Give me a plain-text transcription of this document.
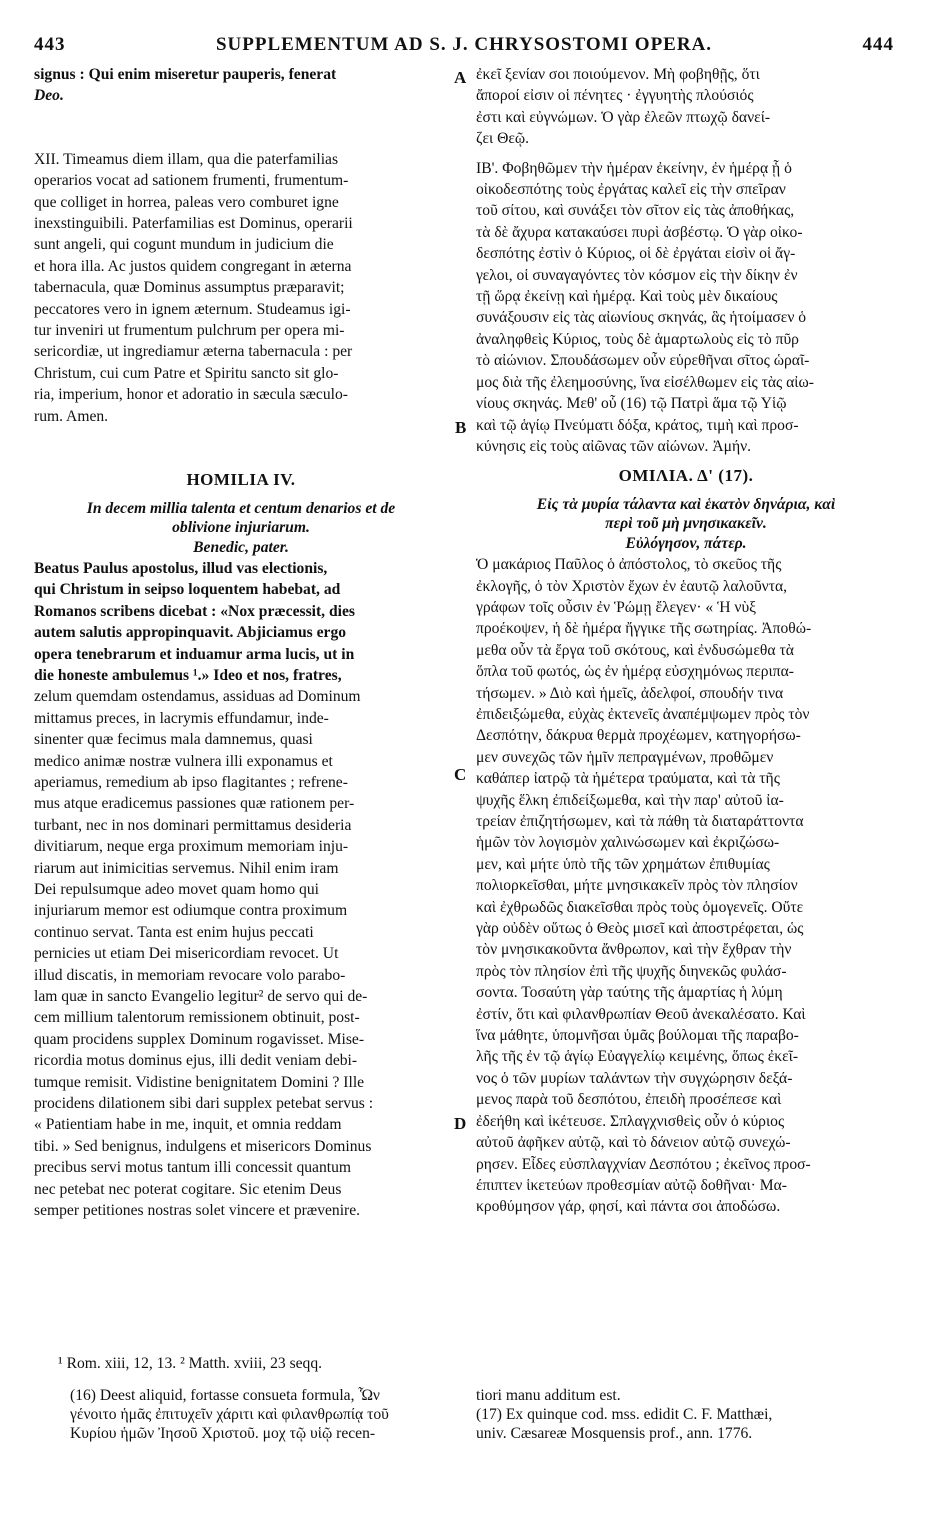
443	SUPPLEMENTUM AD S. J. CHRYSOSTOMI OPERA.	444

signus : Qui enim miseretur pauperis, fenerat

Deo.

XII. Timeamus diem illam, qua die paterfamilias

operarios vocat ad sationem frumenti, frumentum-

que colliget in horrea, paleas vero comburet igne

inexstinguibili. Paterfamilias est Dominus, operarii

sunt angeli, qui cogunt mundum in judicium die

et hora illa. Ac justos quidem congregant in æterna

tabernacula, quæ Dominus assumptus præparavit;

peccatores vero in ignem æternum. Studeamus igi-

tur inveniri ut frumentum pulchrum per opera mi-

sericordiæ, ut ingrediamur æterna tabernacula : per

Christum, cui cum Patre et Spiritu sancto sit glo-

ria, imperium, honor et adoratio in sæcula sæculo-

rum. Amen.

HOMILIA IV.

In decem millia talenta et centum denarios et de

oblivione injuriarum.

Benedic, pater.

Beatus Paulus apostolus, illud vas electionis,

qui Christum in seipso loquentem habebat, ad

Romanos scribens dicebat : «Nox præcessit, dies

autem salutis appropinquavit. Abjiciamus ergo

opera tenebrarum et induamur arma lucis, ut in

die honeste ambulemus ¹.» Ideo et nos, fratres,

zelum quemdam ostendamus, assiduas ad Dominum

mittamus preces, in lacrymis effundamur, inde-

sinenter quæ fecimus mala damnemus, quasi

medico animæ nostræ vulnera illi exponamus et

aperiamus, remedium ab ipso flagitantes ; refrene-

mus atque eradicemus passiones quæ rationem per-

turbant, nec in nos dominari permittamus desideria

divitiarum, neque erga proximum memoriam inju-

riarum aut inimicitias servemus. Nihil enim iram

Dei repulsumque adeo movet quam homo qui

injuriarum memor est odiumque contra proximum

continuo servat. Tanta est enim hujus peccati

pernicies ut etiam Dei misericordiam revocet. Ut

illud discatis, in memoriam revocare volo parabo-

lam quæ in sancto Evangelio legitur² de servo qui de-

cem millium talentorum remissionem obtinuit, post-

quam procidens supplex Dominum rogavisset. Mise-

ricordia motus dominus ejus, illi dedit veniam debi-

tumque remisit. Vidistine benignitatem Domini ? Ille

procidens dilationem sibi dari supplex petebat servus :

« Patientiam habe in me, inquit, et omnia reddam

tibi. » Sed benignus, indulgens et misericors Dominus

precibus servi motus tantum illi concessit quantum

nec petebat nec poterat cogitare. Sic etenim Deus

semper petitiones nostras solet vincere et prævenire.

A
B
C
D

ἐκεῖ ξενίαν σοι ποιούμενον. Μὴ φοβηθῇς, ὅτι

ἄποροί εἰσιν οἱ πένητες · ἐγγυητὴς πλούσιός

ἐστι καὶ εὐγνώμων. Ὁ γὰρ ἐλεῶν πτωχῷ δανεί-

ζει Θεῷ.

ΙΒ'. Φοβηθῶμεν τὴν ἡμέραν ἐκείνην, ἐν ἡμέρᾳ ᾗ ὁ

οἰκοδεσπότης τοὺς ἐργάτας καλεῖ εἰς τὴν σπεῖραν

τοῦ σίτου, καὶ συνάξει τὸν σῖτον εἰς τὰς ἀποθήκας,

τὰ δὲ ἄχυρα κατακαύσει πυρὶ ἀσβέστῳ. Ὁ γὰρ οἰκο-

δεσπότης ἐστὶν ὁ Κύριος, οἱ δὲ ἐργάται εἰσὶν οἱ ἄγ-

γελοι, οἱ συναγαγόντες τὸν κόσμον εἰς τὴν δίκην ἐν

τῇ ὥρᾳ ἐκείνῃ καὶ ἡμέρᾳ. Καὶ τοὺς μὲν δικαίους

συνάξουσιν εἰς τὰς αἰωνίους σκηνάς, ἃς ἡτοίμασεν ὁ

ἀναληφθεὶς Κύριος, τοὺς δὲ ἁμαρτωλοὺς εἰς τὸ πῦρ

τὸ αἰώνιον. Σπουδάσωμεν οὖν εὑρεθῆναι σῖτος ὡραῖ-

μος διὰ τῆς ἐλεημοσύνης, ἵνα εἰσέλθωμεν εἰς τὰς αἰω-

νίους σκηνάς. Μεθ' οὗ (16) τῷ Πατρὶ ἅμα τῷ Υἱῷ

καὶ τῷ ἁγίῳ Πνεύματι δόξα, κράτος, τιμὴ καὶ προσ-

κύνησις εἰς τοὺς αἰῶνας τῶν αἰώνων. Ἀμήν.

ΟΜΙΛΙΑ. Δ' (17).

Εἰς τὰ μυρία τάλαντα καὶ ἑκατὸν δηνάρια, καὶ

περὶ τοῦ μὴ μνησικακεῖν.

Εὐλόγησον, πάτερ.

Ὁ μακάριος Παῦλος ὁ ἀπόστολος, τὸ σκεῦος τῆς

ἐκλογῆς, ὁ τὸν Χριστὸν ἔχων ἐν ἑαυτῷ λαλοῦντα,

γράφων τοῖς οὖσιν ἐν Ῥώμῃ ἔλεγεν· « Ἡ νὺξ

προέκοψεν, ἡ δὲ ἡμέρα ἤγγικε τῆς σωτηρίας. Ἀποθώ-

μεθα οὖν τὰ ἔργα τοῦ σκότους, καὶ ἐνδυσώμεθα τὰ

ὅπλα τοῦ φωτός, ὡς ἐν ἡμέρᾳ εὐσχημόνως περιπα-

τήσωμεν. » Διὸ καὶ ἡμεῖς, ἀδελφοί, σπουδήν τινα

ἐπιδειξώμεθα, εὐχὰς ἐκτενεῖς ἀναπέμψωμεν πρὸς τὸν

Δεσπότην, δάκρυα θερμὰ προχέωμεν, κατηγορήσω-

μεν συνεχῶς τῶν ἡμῖν πεπραγμένων, προθῶμεν

καθάπερ ἰατρῷ τὰ ἡμέτερα τραύματα, καὶ τὰ τῆς

ψυχῆς ἕλκη ἐπιδείξωμεθα, καὶ τὴν παρ' αὐτοῦ ἰα-

τρείαν ἐπιζητήσωμεν, καὶ τὰ πάθη τὰ διαταράττοντα

ἡμῶν τὸν λογισμὸν χαλινώσωμεν καὶ ἐκριζώσω-

μεν, καὶ μήτε ὑπὸ τῆς τῶν χρημάτων ἐπιθυμίας

πολιορκεῖσθαι, μήτε μνησικακεῖν πρὸς τὸν πλησίον

καὶ ἐχθρωδῶς διακεῖσθαι πρὸς τοὺς ὁμογενεῖς. Οὔτε

γὰρ οὐδὲν οὕτως ὁ Θεὸς μισεῖ καὶ ἀποστρέφεται, ὡς

τὸν μνησικακοῦντα ἄνθρωπον, καὶ τὴν ἔχθραν τὴν

πρὸς τὸν πλησίον ἐπὶ τῆς ψυχῆς διηνεκῶς φυλάσ-

σοντα. Τοσαύτη γὰρ ταύτης τῆς ἁμαρτίας ἡ λύμη

ἐστίν, ὅτι καὶ φιλανθρωπίαν Θεοῦ ἀνεκαλέσατο. Καὶ

ἵνα μάθητε, ὑπομνῆσαι ὑμᾶς βούλομαι τῆς παραβο-

λῆς τῆς ἐν τῷ ἁγίῳ Εὐαγγελίῳ κειμένης, ὅπως ἐκεῖ-

νος ὁ τῶν μυρίων ταλάντων τὴν συγχώρησιν δεξά-

μενος παρὰ τοῦ δεσπότου, ἐπειδὴ προσέπεσε καὶ

ἐδεήθη καὶ ἱκέτευσε. Σπλαγχνισθεὶς οὖν ὁ κύριος

αὐτοῦ ἀφῆκεν αὐτῷ, καὶ τὸ δάνειον αὐτῷ συνεχώ-

ρησεν. Εἶδες εὐσπλαγχνίαν Δεσπότου ; ἐκεῖνος προσ-

έπιπτεν ἱκετεύων προθεσμίαν αὐτῷ δοθῆναι· Μα-

κροθύμησον γάρ, φησί, καὶ πάντα σοι ἀποδώσω.

¹ Rom. xiii, 12, 13. ² Matth. xviii, 23 seqq.

(16) Deest aliquid, fortasse consueta formula, Ὧν

γένοιτο ἡμᾶς ἐπιτυχεῖν χάριτι καὶ φιλανθρωπίᾳ τοῦ

Κυρίου ἡμῶν Ἰησοῦ Χριστοῦ. μοχ τῷ υἱῷ recen-

tiori manu additum est.

(17) Ex quinque cod. mss. edidit C. F. Matthæi,

univ. Cæsareæ Mosquensis prof., ann. 1776.
